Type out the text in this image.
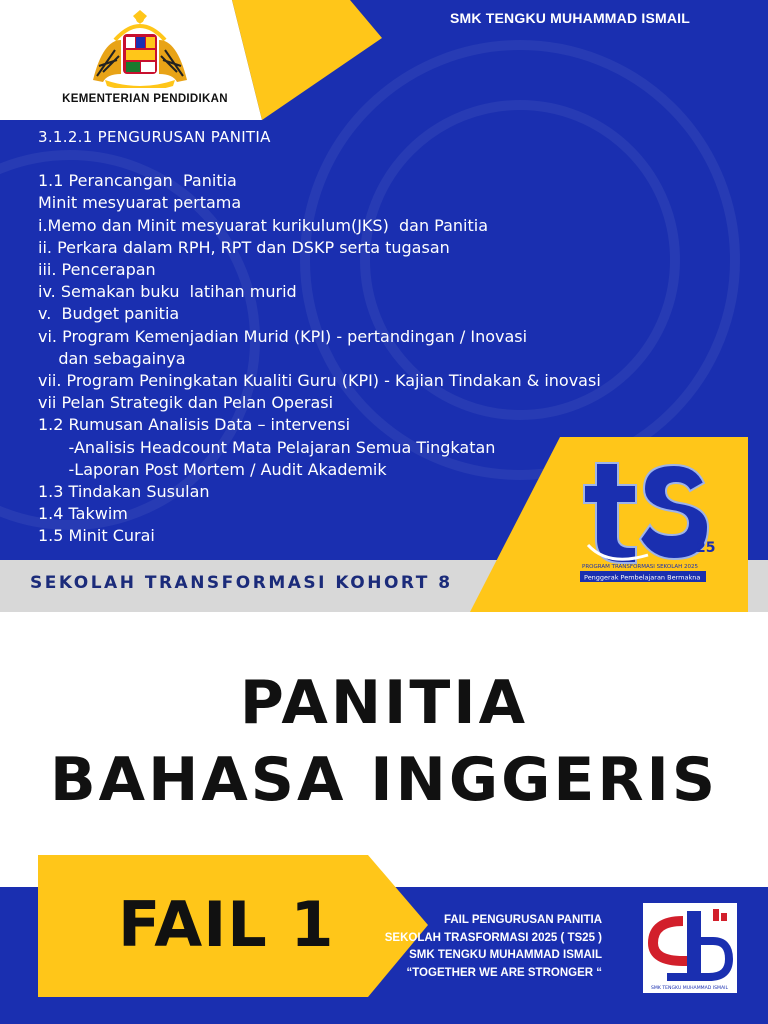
KEMENTERIAN PENDIDIKAN
SMK TENGKU MUHAMMAD ISMAIL
3.1.2.1 PENGURUSAN PANITIA
1.1 Perancangan  Panitia
Minit mesyuarat pertama
i.Memo dan Minit mesyuarat kurikulum(JKS)  dan Panitia
ii. Perkara dalam RPH, RPT dan DSKP serta tugasan
iii. Pencerapan
iv. Semakan buku  latihan murid
v.  Budget panitia
vi. Program Kemenjadian Murid (KPI) - pertandingan / Inovasi
dan sebagainya
vii. Program Peningkatan Kualiti Guru (KPI) - Kajian Tindakan & inovasi
vii Pelan Strategik dan Pelan Operasi
1.2 Rumusan Analisis Data – intervensi
-Analisis Headcount Mata Pelajaran Semua Tingkatan
-Laporan Post Mortem / Audit Akademik
1.3 Tindakan Susulan
1.4 Takwim
1.5 Minit Curai
SEKOLAH TRANSFORMASI KOHORT 8
25
PROGRAM TRANSFORMASI SEKOLAH 2025
Penggerak Pembelajaran Bermakna
PANITIA
BAHASA INGGERIS
FAIL 1	FAIL PENGURUSAN PANITIA
SEKOLAH TRASFORMASI 2025 ( TS25 )
SMK TENGKU MUHAMMAD ISMAIL
“TOGETHER WE ARE STRONGER “
SMK TENGKU MUHAMMAD ISMAIL
